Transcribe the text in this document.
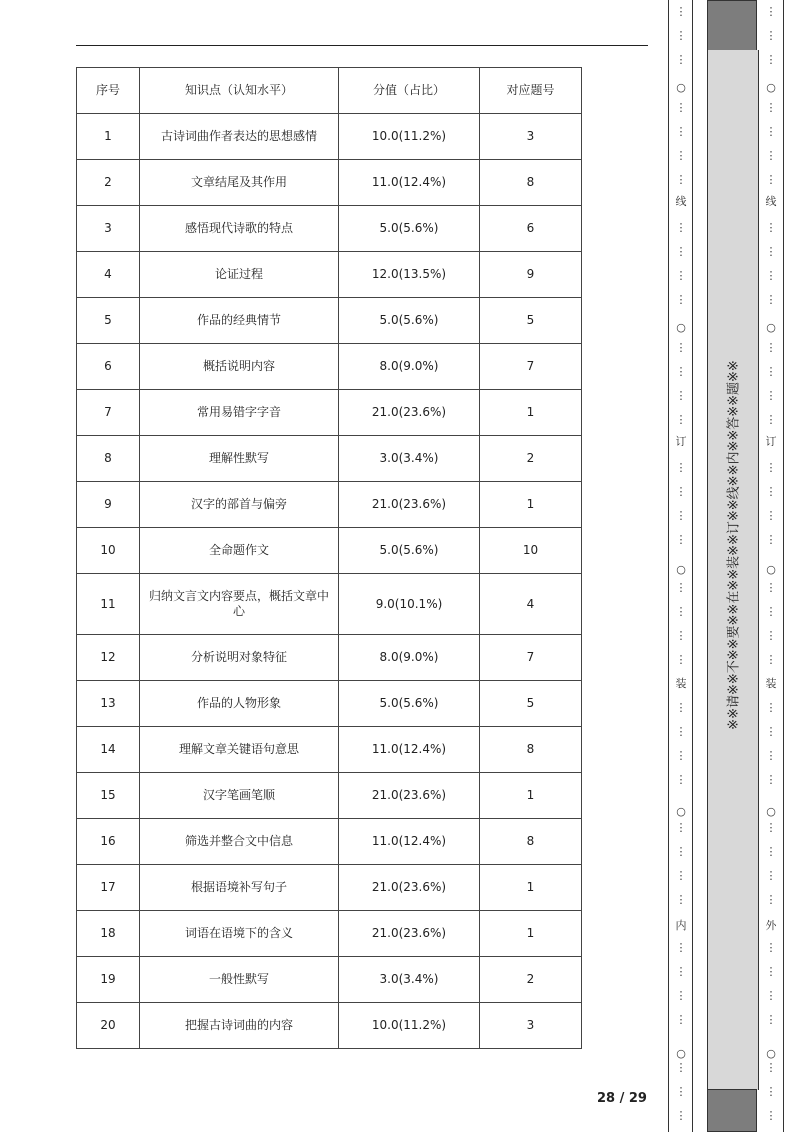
序号	知识点（认知水平）	分值（占比）	对应题号
1	古诗词曲作者表达的思想感情	10.0(11.2%)	3
2	文章结尾及其作用	11.0(12.4%)	8
3	感悟现代诗歌的特点	5.0(5.6%)	6
4	论证过程	12.0(13.5%)	9
5	作品的经典情节	5.0(5.6%)	5
6	概括说明内容	8.0(9.0%)	7
7	常用易错字字音	21.0(23.6%)	1
8	理解性默写	3.0(3.4%)	2
9	汉字的部首与偏旁	21.0(23.6%)	1
10	全命题作文	5.0(5.6%)	10
11	归纳文言文内容要点，概括文章中心	9.0(10.1%)	4
12	分析说明对象特征	8.0(9.0%)	7
13	作品的人物形象	5.0(5.6%)	5
14	理解文章关键语句意思	11.0(12.4%)	8
15	汉字笔画笔顺	21.0(23.6%)	1
16	筛选并整合文中信息	11.0(12.4%)	8
17	根据语境补写句子	21.0(23.6%)	1
18	词语在语境下的含义	21.0(23.6%)	1
19	一般性默写	3.0(3.4%)	2
20	把握古诗词曲的内容	10.0(11.2%)	3
28 / 29
线
订
装
内
⋮
⋮
⋮
⋮
⋮
⋮
⋮
⋮
⋮
⋮
⋮
⋮
⋮
⋮
⋮
⋮
⋮
⋮
⋮
⋮
⋮
⋮
⋮
⋮
⋮
⋮
⋮
⋮
⋮
⋮
⋮
⋮
⋮
⋮
⋮
⋮
⋮
⋮
○
○
○
○
○
※※请※※不※※要※※在※※装※※订※※线※※内※※答※※题※※
线
订
装
外
⋮
⋮
⋮
⋮
⋮
⋮
⋮
⋮
⋮
⋮
⋮
⋮
⋮
⋮
⋮
⋮
⋮
⋮
⋮
⋮
⋮
⋮
⋮
⋮
⋮
⋮
⋮
⋮
⋮
⋮
⋮
⋮
⋮
⋮
⋮
⋮
⋮
⋮
○
○
○
○
○
